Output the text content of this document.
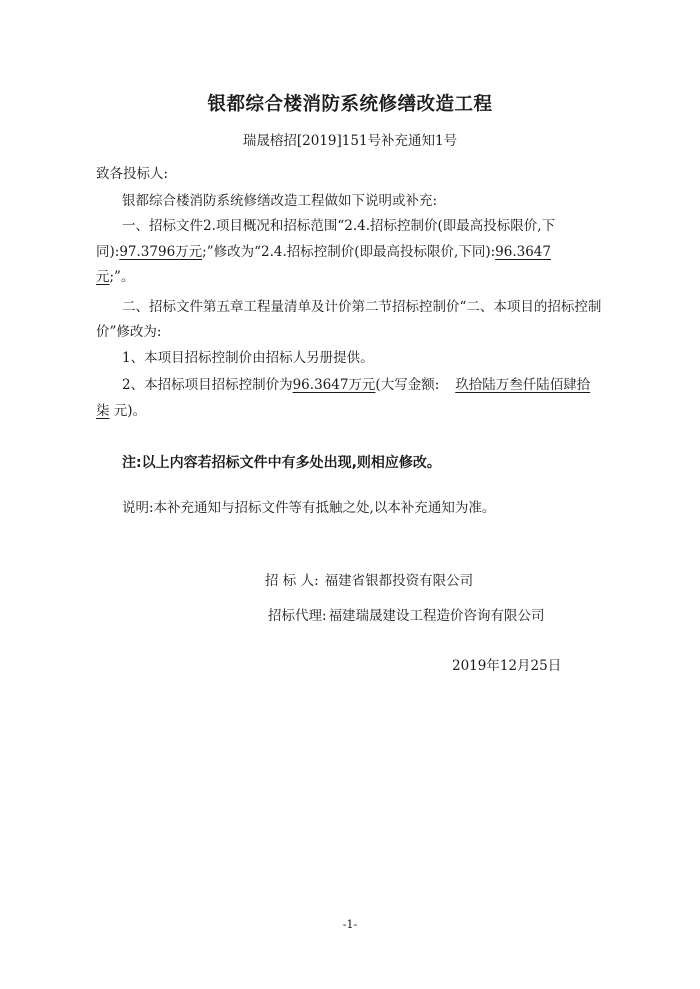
银都综合楼消防系统修缮改造工程
瑞晟榕招[2019]151号补充通知1号
致各投标人:
银都综合楼消防系统修缮改造工程做如下说明或补充:
一、招标文件2.项目概况和招标范围“2.4.招标控制价(即最高投标限价,下
同):97.3796万元;”修改为“2.4.招标控制价(即最高投标限价,下同):96.3647
元;”。
二、招标文件第五章工程量清单及计价第二节招标控制价“二、本项目的招标控制
价”修改为:
1、本项目招标控制价由招标人另册提供。
2、本招标项目招标控制价为96.3647万元(大写金额: 玖拾陆万叁仟陆佰肆拾
柒 元)。
注:以上内容若招标文件中有多处出现,则相应修改。
说明:本补充通知与招标文件等有抵触之处,以本补充通知为准。
招 标 人: 福建省银都投资有限公司
招标代理: 福建瑞晟建设工程造价咨询有限公司
2019年12月25日
-1-
